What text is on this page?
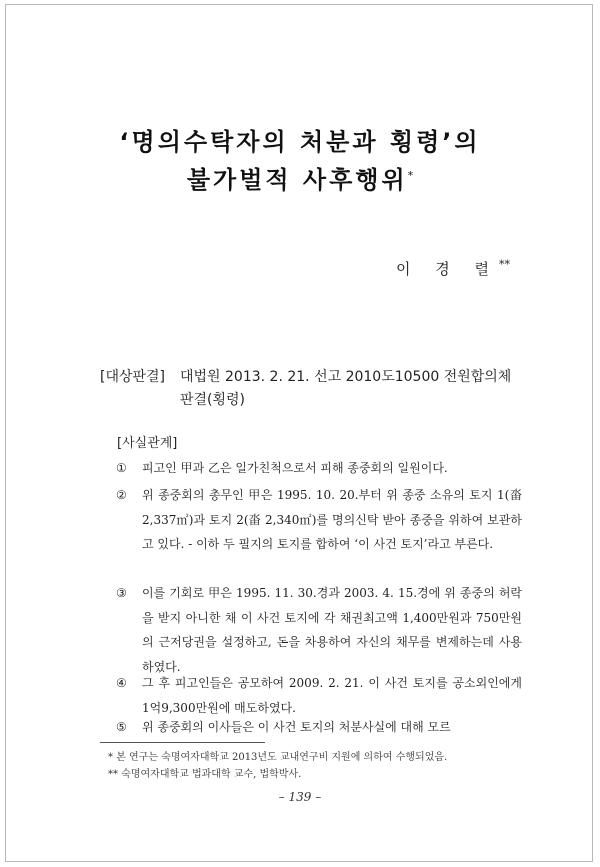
‘명의수탁자의 처분과 횡령’의
불가벌적 사후행위*
이 경 렬**
[대상판결] 대법원 2013. 2. 21. 선고 2010도10500 전원합의체 판결(횡령)
[사실관계]
①	피고인 甲과 乙은 일가친척으로서 피해 종중회의 일원이다.
②	위 종중회의 총무인 甲은 1995. 10. 20.부터 위 종중 소유의 토지 1(畓 2,337㎡)과 토지 2(畓 2,340㎡)를 명의신탁 받아 종중을 위하여 보관하고 있다. - 이하 두 필지의 토지를 합하여 ‘이 사건 토지’라고 부른다.
③	이를 기회로 甲은 1995. 11. 30.경과 2003. 4. 15.경에 위 종중의 허락을 받지 아니한 채 이 사건 토지에 각 채권최고액 1,400만원과 750만원의 근저당권을 설정하고, 돈을 차용하여 자신의 채무를 변제하는데 사용하였다.
④	그 후 피고인들은 공모하여 2009. 2. 21. 이 사건 토지를 공소외인에게 1억9,300만원에 매도하였다.
⑤	위 종중회의 이사들은 이 사건 토지의 처분사실에 대해 모르
* 본 연구는 숙명여자대학교 2013년도 교내연구비 지원에 의하여 수행되었음.
** 숙명여자대학교 법과대학 교수, 법학박사.
– 139 –
